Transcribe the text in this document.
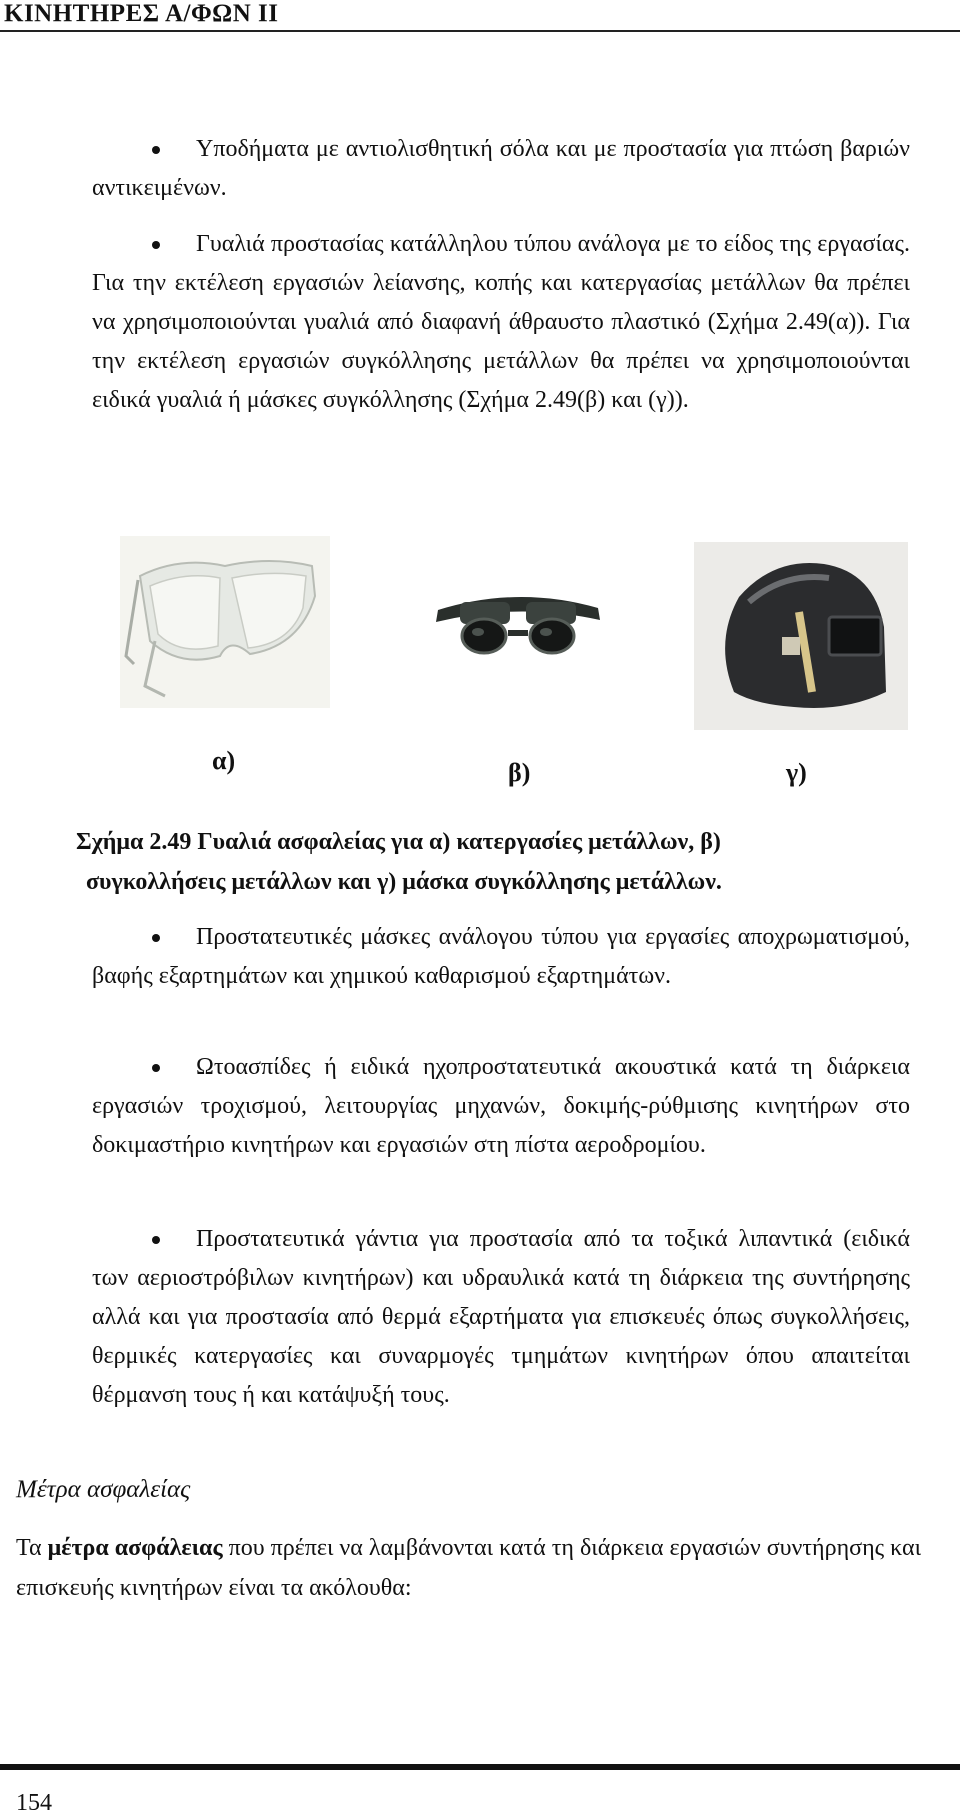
ΚΙΝΗΤΗΡΕΣ Α/ΦΩΝ ΙΙ
Υποδήματα με αντιολισθητική σόλα και με προστασία για πτώση βαριών αντικειμένων.
Γυαλιά προστασίας κατάλληλου τύπου ανάλογα με το είδος της εργασίας. Για την εκτέλεση εργασιών λείανσης, κοπής και κατεργασίας μετάλλων θα πρέπει να χρησιμοποιούνται γυαλιά από διαφανή άθραυστο πλαστικό (Σχήμα 2.49(α)). Για την εκτέλεση εργασιών συγκόλλησης μετάλλων θα πρέπει να χρησιμοποιούνται ειδικά γυαλιά ή μάσκες συγκόλλησης (Σχήμα 2.49(β) και (γ)).
α)	β)	γ)
Σχήμα 2.49 Γυαλιά ασφαλείας για α) κατεργασίες μετάλλων, β)
συγκολλήσεις μετάλλων και γ) μάσκα συγκόλλησης μετάλλων.
Προστατευτικές μάσκες ανάλογου τύπου για εργασίες αποχρωματισμού, βαφής εξαρτημάτων και χημικού καθαρισμού εξαρτημάτων.
Ωτοασπίδες ή ειδικά ηχοπροστατευτικά ακουστικά κατά τη διάρκεια εργασιών τροχισμού, λειτουργίας μηχανών, δοκιμής-ρύθμισης κινητήρων στο δοκιμαστήριο κινητήρων και εργασιών στη πίστα αεροδρομίου.
Προστατευτικά γάντια για προστασία από τα τοξικά λιπαντικά (ειδικά των αεριοστρόβιλων κινητήρων) και υδραυλικά κατά τη διάρκεια της συντήρησης αλλά και για προστασία από θερμά εξαρτήματα για επισκευές όπως συγκολλήσεις, θερμικές κατεργασίες και συναρμογές τμημάτων κινητήρων όπου απαιτείται θέρμανση τους ή και κατάψυξή τους.
Μέτρα ασφαλείας
Τα μέτρα ασφάλειας που πρέπει να λαμβάνονται κατά τη διάρκεια εργασιών συντήρησης και επισκευής κινητήρων είναι τα ακόλουθα:
154
